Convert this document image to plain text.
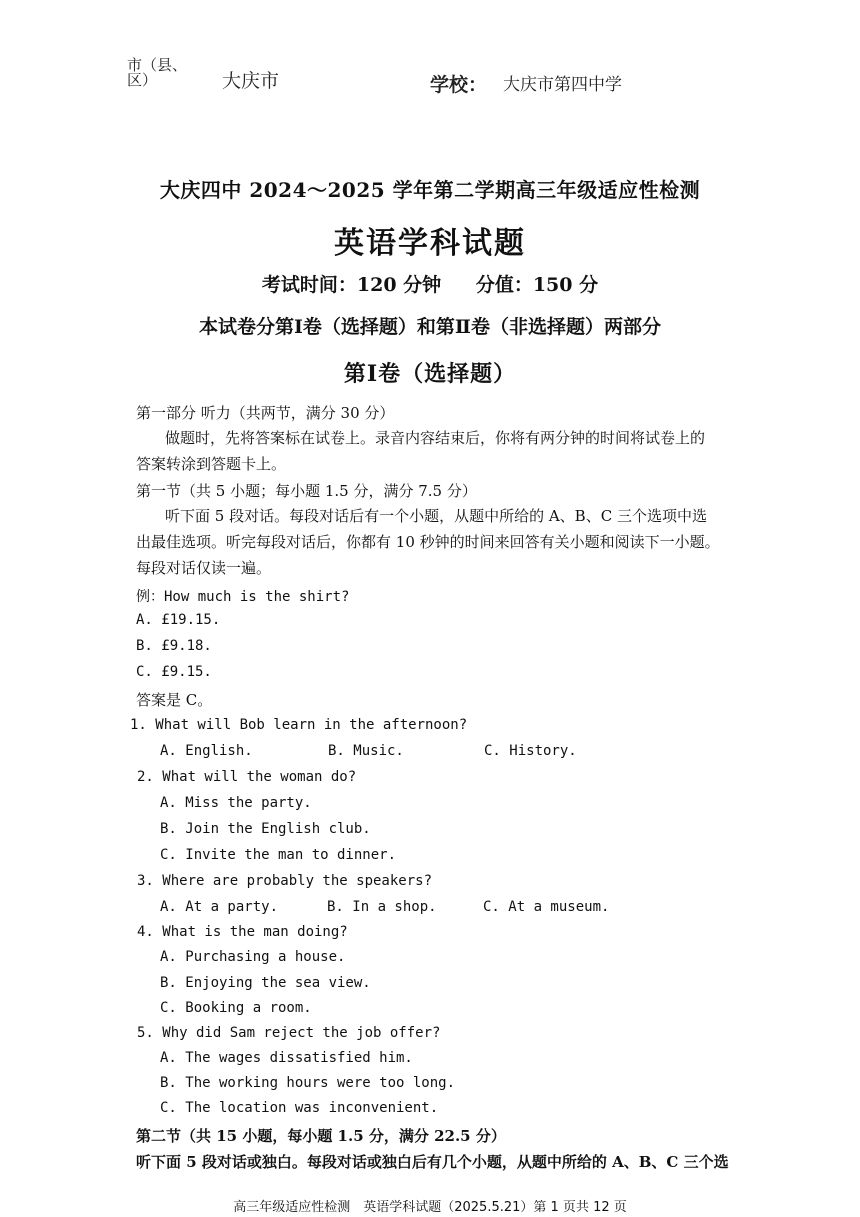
市（县、区）	大庆市	学校： 大庆市第四中学
大庆四中 2024～2025 学年第二学期高三年级适应性检测
英语学科试题
考试时间：120 分钟 分值：150 分
本试卷分第Ⅰ卷（选择题）和第Ⅱ卷（非选择题）两部分
第Ⅰ卷（选择题）
第一部分 听力（共两节，满分 30 分）
做题时，先将答案标在试卷上。录音内容结束后，你将有两分钟的时间将试卷上的
答案转涂到答题卡上。
第一节（共 5 小题；每小题 1.5 分，满分 7.5 分）
听下面 5 段对话。每段对话后有一个小题，从题中所给的 A、B、C 三个选项中选
出最佳选项。听完每段对话后，你都有 10 秒钟的时间来回答有关小题和阅读下一小题。
每段对话仅读一遍。
例：How much is the shirt?
A. £19.15.
B. £9.18.
C. £9.15.
答案是 C。
1. What will Bob learn in the afternoon?
A. English.	B. Music.	C. History.
2. What will the woman do?
A. Miss the party.
B. Join the English club.
C. Invite the man to dinner.
3. Where are probably the speakers?
A. At a party.	B. In a shop.	C. At a museum.
4. What is the man doing?
A. Purchasing a house.
B. Enjoying the sea view.
C. Booking a room.
5. Why did Sam reject the job offer?
A. The wages dissatisfied him.
B. The working hours were too long.
C. The location was inconvenient.
第二节（共 15 小题，每小题 1.5 分，满分 22.5 分）
听下面 5 段对话或独白。每段对话或独白后有几个小题，从题中所给的 A、B、C 三个选
高三年级适应性检测　英语学科试题（2025.5.21）第 1 页共 12 页
